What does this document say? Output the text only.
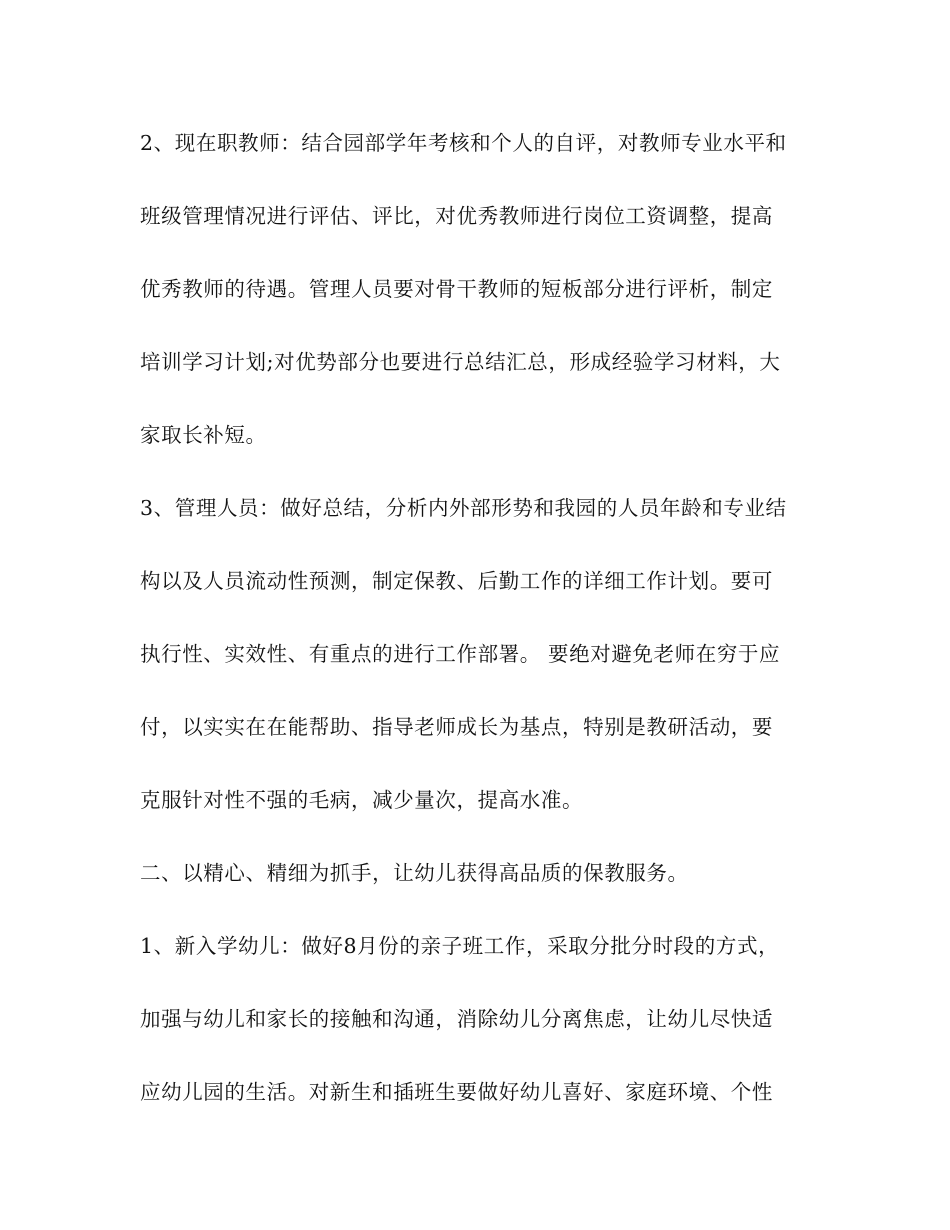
2、现在职教师：结合园部学年考核和个人的自评，对教师专业水平和
班级管理情况进行评估、评比，对优秀教师进行岗位工资调整，提高
优秀教师的待遇。管理人员要对骨干教师的短板部分进行评析，制定
培训学习计划;对优势部分也要进行总结汇总，形成经验学习材料，大
家取长补短。
3、管理人员：做好总结，分析内外部形势和我园的人员年龄和专业结
构以及人员流动性预测，制定保教、后勤工作的详细工作计划。要可
执行性、实效性、有重点的进行工作部署。 要绝对避免老师在穷于应
付，以实实在在能帮助、指导老师成长为基点，特别是教研活动，要
克服针对性不强的毛病，减少量次，提高水准。
二、以精心、精细为抓手，让幼儿获得高品质的保教服务。
1、新入学幼儿：做好8月份的亲子班工作，采取分批分时段的方式，
加强与幼儿和家长的接触和沟通，消除幼儿分离焦虑，让幼儿尽快适
应幼儿园的生活。对新生和插班生要做好幼儿喜好、家庭环境、个性
